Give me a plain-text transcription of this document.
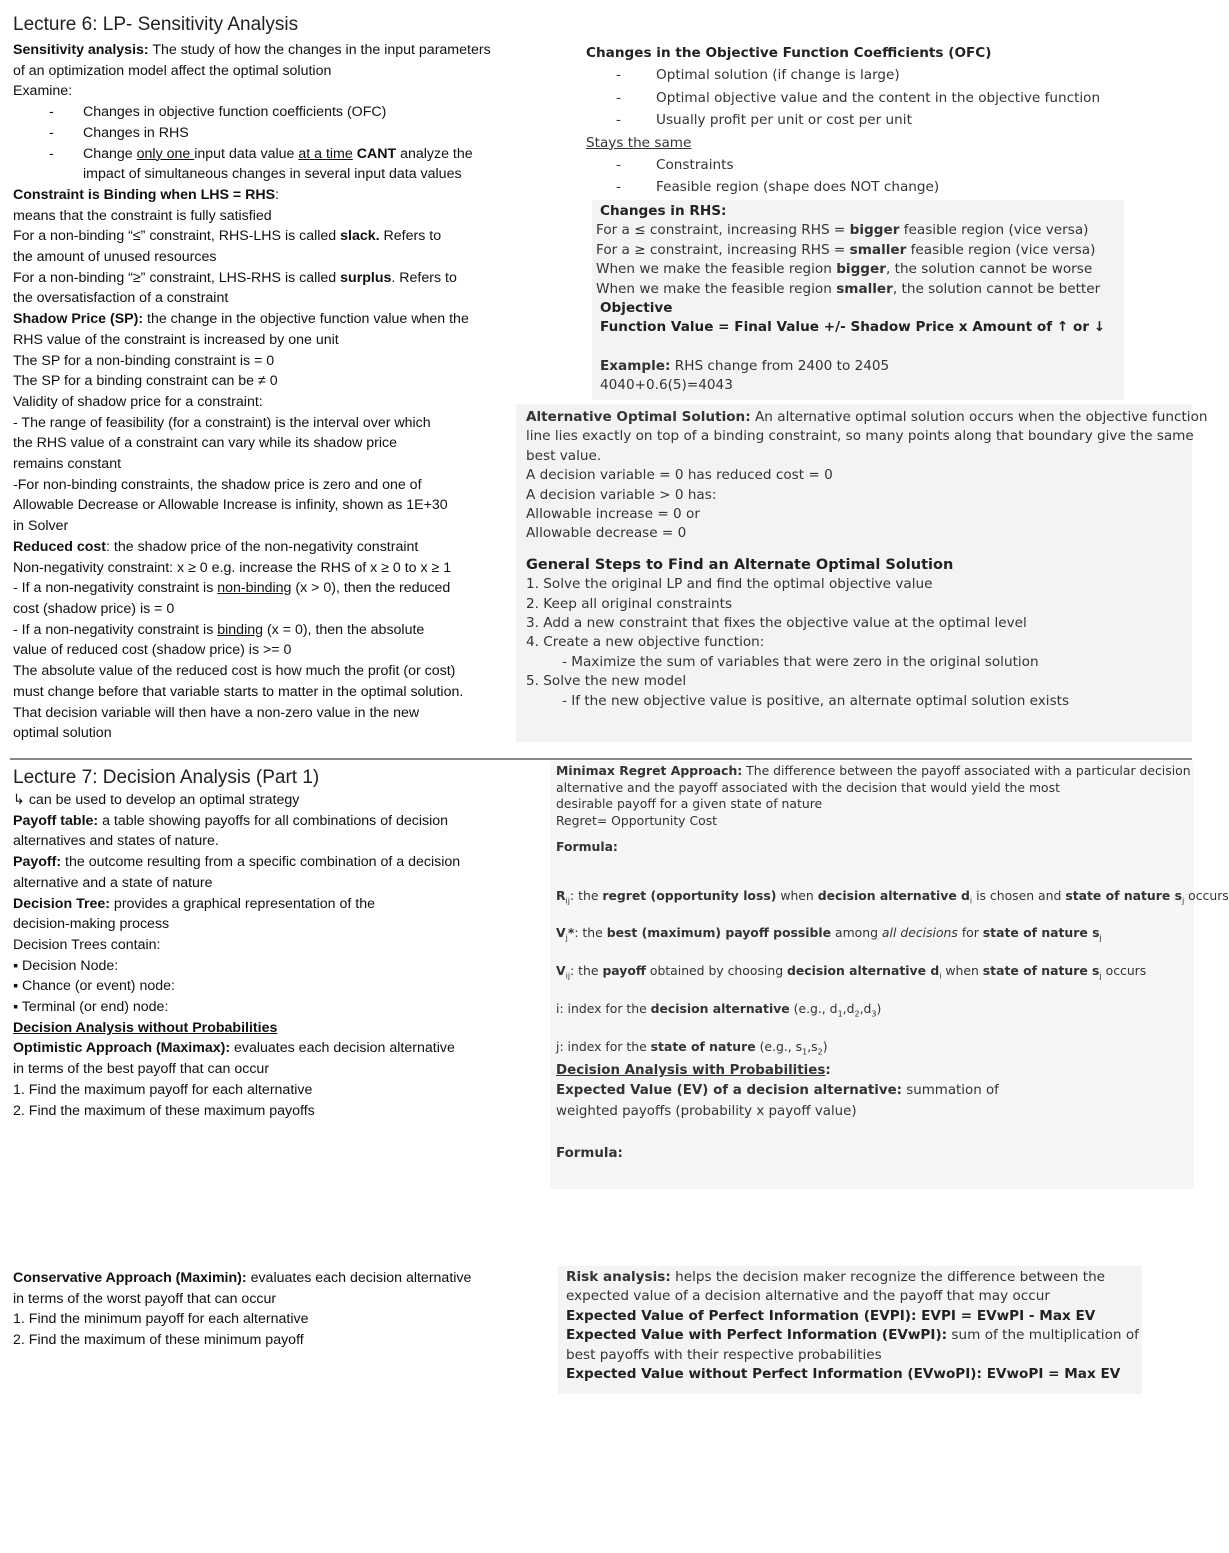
Lecture 6: LP- Sensitivity Analysis
Sensitivity analysis: The study of how the changes in the input parameters
of an optimization model affect the optimal solution
Examine:
- Changes in objective function coefficients (OFC)
- Changes in RHS
- Change only one input data value at a time CANT analyze the
impact of simultaneous changes in several input data values
Constraint is Binding when LHS = RHS:
means that the constraint is fully satisfied
For a non-binding “≤” constraint, RHS-LHS is called slack. Refers to
the amount of unused resources
For a non-binding “≥” constraint, LHS-RHS is called surplus. Refers to
the oversatisfaction of a constraint
Shadow Price (SP): the change in the objective function value when the
RHS value of the constraint is increased by one unit
The SP for a non-binding constraint is = 0
The SP for a binding constraint can be ≠ 0
Validity of shadow price for a constraint:
- The range of feasibility (for a constraint) is the interval over which
the RHS value of a constraint can vary while its shadow price
remains constant
-For non-binding constraints, the shadow price is zero and one of
Allowable Decrease or Allowable Increase is infinity, shown as 1E+30
in Solver
Reduced cost: the shadow price of the non-negativity constraint
Non-negativity constraint: x ≥ 0 e.g. increase the RHS of x ≥ 0 to x ≥ 1
- If a non-negativity constraint is non-binding (x > 0), then the reduced
cost (shadow price) is = 0
- If a non-negativity constraint is binding (x = 0), then the absolute
value of reduced cost (shadow price) is >= 0
The absolute value of the reduced cost is how much the profit (or cost)
must change before that variable starts to matter in the optimal solution.
That decision variable will then have a non-zero value in the new
optimal solution
Changes in the Objective Function Coefficients (OFC)
- Optimal solution (if change is large)
- Optimal objective value and the content in the objective function
- Usually profit per unit or cost per unit
Stays the same
- Constraints
- Feasible region (shape does NOT change)
Changes in RHS:
For a ≤ constraint, increasing RHS = bigger feasible region (vice versa)
For a ≥ constraint, increasing RHS = smaller feasible region (vice versa)
When we make the feasible region bigger, the solution cannot be worse
When we make the feasible region smaller, the solution cannot be better
Objective
Function Value = Final Value +/- Shadow Price x Amount of ↑ or ↓
Example: RHS change from 2400 to 2405
4040+0.6(5)=4043
Alternative Optimal Solution: An alternative optimal solution occurs when the objective function
line lies exactly on top of a binding constraint, so many points along that boundary give the same
best value.
A decision variable = 0 has reduced cost = 0
A decision variable > 0 has:
Allowable increase = 0 or
Allowable decrease = 0
General Steps to Find an Alternate Optimal Solution
1. Solve the original LP and find the optimal objective value
2. Keep all original constraints
3. Add a new constraint that fixes the objective value at the optimal level
4. Create a new objective function:
- Maximize the sum of variables that were zero in the original solution
5. Solve the new model
- If the new objective value is positive, an alternate optimal solution exists
Lecture 7: Decision Analysis (Part 1)
↳ can be used to develop an optimal strategy
Payoff table: a table showing payoffs for all combinations of decision
alternatives and states of nature.
Payoff: the outcome resulting from a specific combination of a decision
alternative and a state of nature
Decision Tree: provides a graphical representation of the
decision-making process
Decision Trees contain:
▪ Decision Node:
▪ Chance (or event) node:
▪ Terminal (or end) node:
Decision Analysis without Probabilities
Optimistic Approach (Maximax): evaluates each decision alternative
in terms of the best payoff that can occur
1. Find the maximum payoff for each alternative
2. Find the maximum of these maximum payoffs
Conservative Approach (Maximin): evaluates each decision alternative
in terms of the worst payoff that can occur
1. Find the minimum payoff for each alternative
2. Find the maximum of these minimum payoff
Minimax Regret Approach: The difference between the payoff associated with a particular decision
alternative and the payoff associated with the decision that would yield the most
desirable payoff for a given state of nature
Regret= Opportunity Cost
Formula:
$R_{ij}$: the regret (opportunity loss) when decision alternative $d_i$ is chosen and state of nature $s_j$ occurs
$V_j*$: the best (maximum) payoff possible among all decisions for state of nature $s_j$
$V_{ij}$: the payoff obtained by choosing decision alternative $d_i$ when state of nature $s_j$ occurs
i: index for the decision alternative (e.g., $d_1,d_2,d_3$)
j: index for the state of nature (e.g., $s_1,s_2$)
Decision Analysis with Probabilities:
Expected Value (EV) of a decision alternative: summation of
weighted payoffs (probability x payoff value)
Formula:
Risk analysis: helps the decision maker recognize the difference between the
expected value of a decision alternative and the payoff that may occur
Expected Value of Perfect Information (EVPI): EVPI = EVwPI - Max EV
Expected Value with Perfect Information (EVwPI): sum of the multiplication of
best payoffs with their respective probabilities
Expected Value without Perfect Information (EVwoPI): EVwoPI = Max EV
